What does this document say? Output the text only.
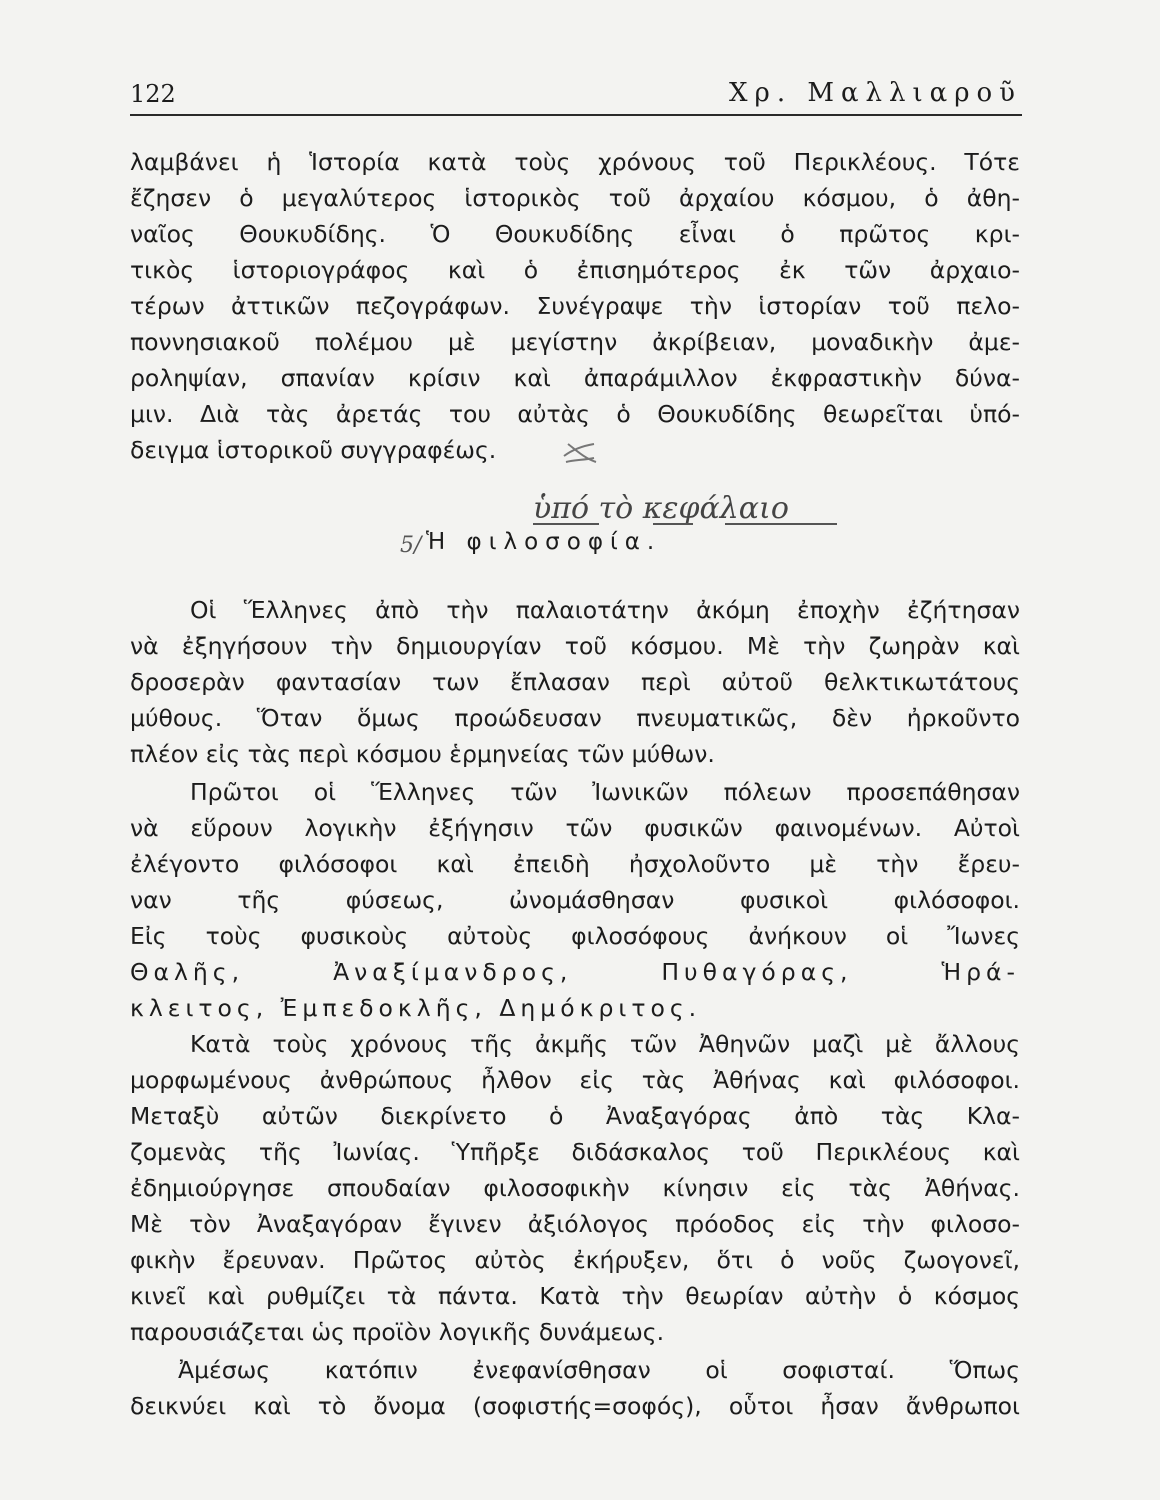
122	Χρ. Μαλλιαροῦ
λαμβάνει ἡ Ἱστορία κατὰ τοὺς χρόνους τοῦ Περικλέους. Τότε
ἔζησεν ὁ μεγαλύτερος ἱστορικὸς τοῦ ἀρχαίου κόσμου, ὁ ἀθη-
ναῖος Θουκυδίδης. Ὁ Θουκυδίδης εἶναι ὁ πρῶτος κρι-
τικὸς ἱστοριογράφος καὶ ὁ ἐπισημότερος ἐκ τῶν ἀρχαιο-
τέρων ἀττικῶν πεζογράφων. Συνέγραψε τὴν ἱστορίαν τοῦ πελο-
ποννησιακοῦ πολέμου μὲ μεγίστην ἀκρίβειαν, μοναδικὴν ἀμε-
ροληψίαν, σπανίαν κρίσιν καὶ ἀπαράμιλλον ἐκφραστικὴν δύνα-
μιν. Διὰ τὰς ἀρετάς του αὐτὰς ὁ Θουκυδίδης θεωρεῖται ὑπό-
δειγμα ἱστορικοῦ συγγραφέως.
5/
ὑπό τὸ κεφάλαιο
Ἡ φιλοσοφία.
Οἱ Ἕλληνες ἀπὸ τὴν παλαιοτάτην ἀκόμη ἐποχὴν ἐζήτησαν
νὰ ἐξηγήσουν τὴν δημιουργίαν τοῦ κόσμου. Μὲ τὴν ζωηρὰν καὶ
δροσερὰν φαντασίαν των ἔπλασαν περὶ αὐτοῦ θελκτικωτάτους
μύθους. Ὅταν ὅμως προώδευσαν πνευματικῶς, δὲν ἠρκοῦντο
πλέον εἰς τὰς περὶ κόσμου ἑρμηνείας τῶν μύθων.
Πρῶτοι οἱ Ἕλληνες τῶν Ἰωνικῶν πόλεων προσεπάθησαν
νὰ εὕρουν λογικὴν ἐξήγησιν τῶν φυσικῶν φαινομένων. Αὐτοὶ
ἐλέγοντο φιλόσοφοι καὶ ἐπειδὴ ἠσχολοῦντο μὲ τὴν ἔρευ-
ναν τῆς φύσεως, ὠνομάσθησαν φυσικοὶ φιλόσοφοι.
Εἰς τοὺς φυσικοὺς αὐτοὺς φιλοσόφους ἀνήκουν οἱ Ἴωνες
Θαλῆς, Ἀναξίμανδρος, Πυθαγόρας, Ἡρά-
κλειτος, Ἐμπεδοκλῆς, Δημόκριτος.
Κατὰ τοὺς χρόνους τῆς ἀκμῆς τῶν Ἀθηνῶν μαζὶ μὲ ἄλλους
μορφωμένους ἀνθρώπους ἦλθον εἰς τὰς Ἀθήνας καὶ φιλόσοφοι.
Μεταξὺ αὐτῶν διεκρίνετο ὁ Ἀναξαγόρας ἀπὸ τὰς Κλα-
ζομενὰς τῆς Ἰωνίας. Ὑπῆρξε διδάσκαλος τοῦ Περικλέους καὶ
ἐδημιούργησε σπουδαίαν φιλοσοφικὴν κίνησιν εἰς τὰς Ἀθήνας.
Μὲ τὸν Ἀναξαγόραν ἔγινεν ἀξιόλογος πρόοδος εἰς τὴν φιλοσο-
φικὴν ἔρευναν. Πρῶτος αὐτὸς ἐκήρυξεν, ὅτι ὁ νοῦς ζωογονεῖ,
κινεῖ καὶ ρυθμίζει τὰ πάντα. Κατὰ τὴν θεωρίαν αὐτὴν ὁ κόσμος
παρουσιάζεται ὡς προϊὸν λογικῆς δυνάμεως.
Ἀμέσως κατόπιν ἐνεφανίσθησαν οἱ σοφισταί. Ὅπως
δεικνύει καὶ τὸ ὄνομα (σοφιστής=σοφός), οὗτοι ἦσαν ἄνθρωποι
